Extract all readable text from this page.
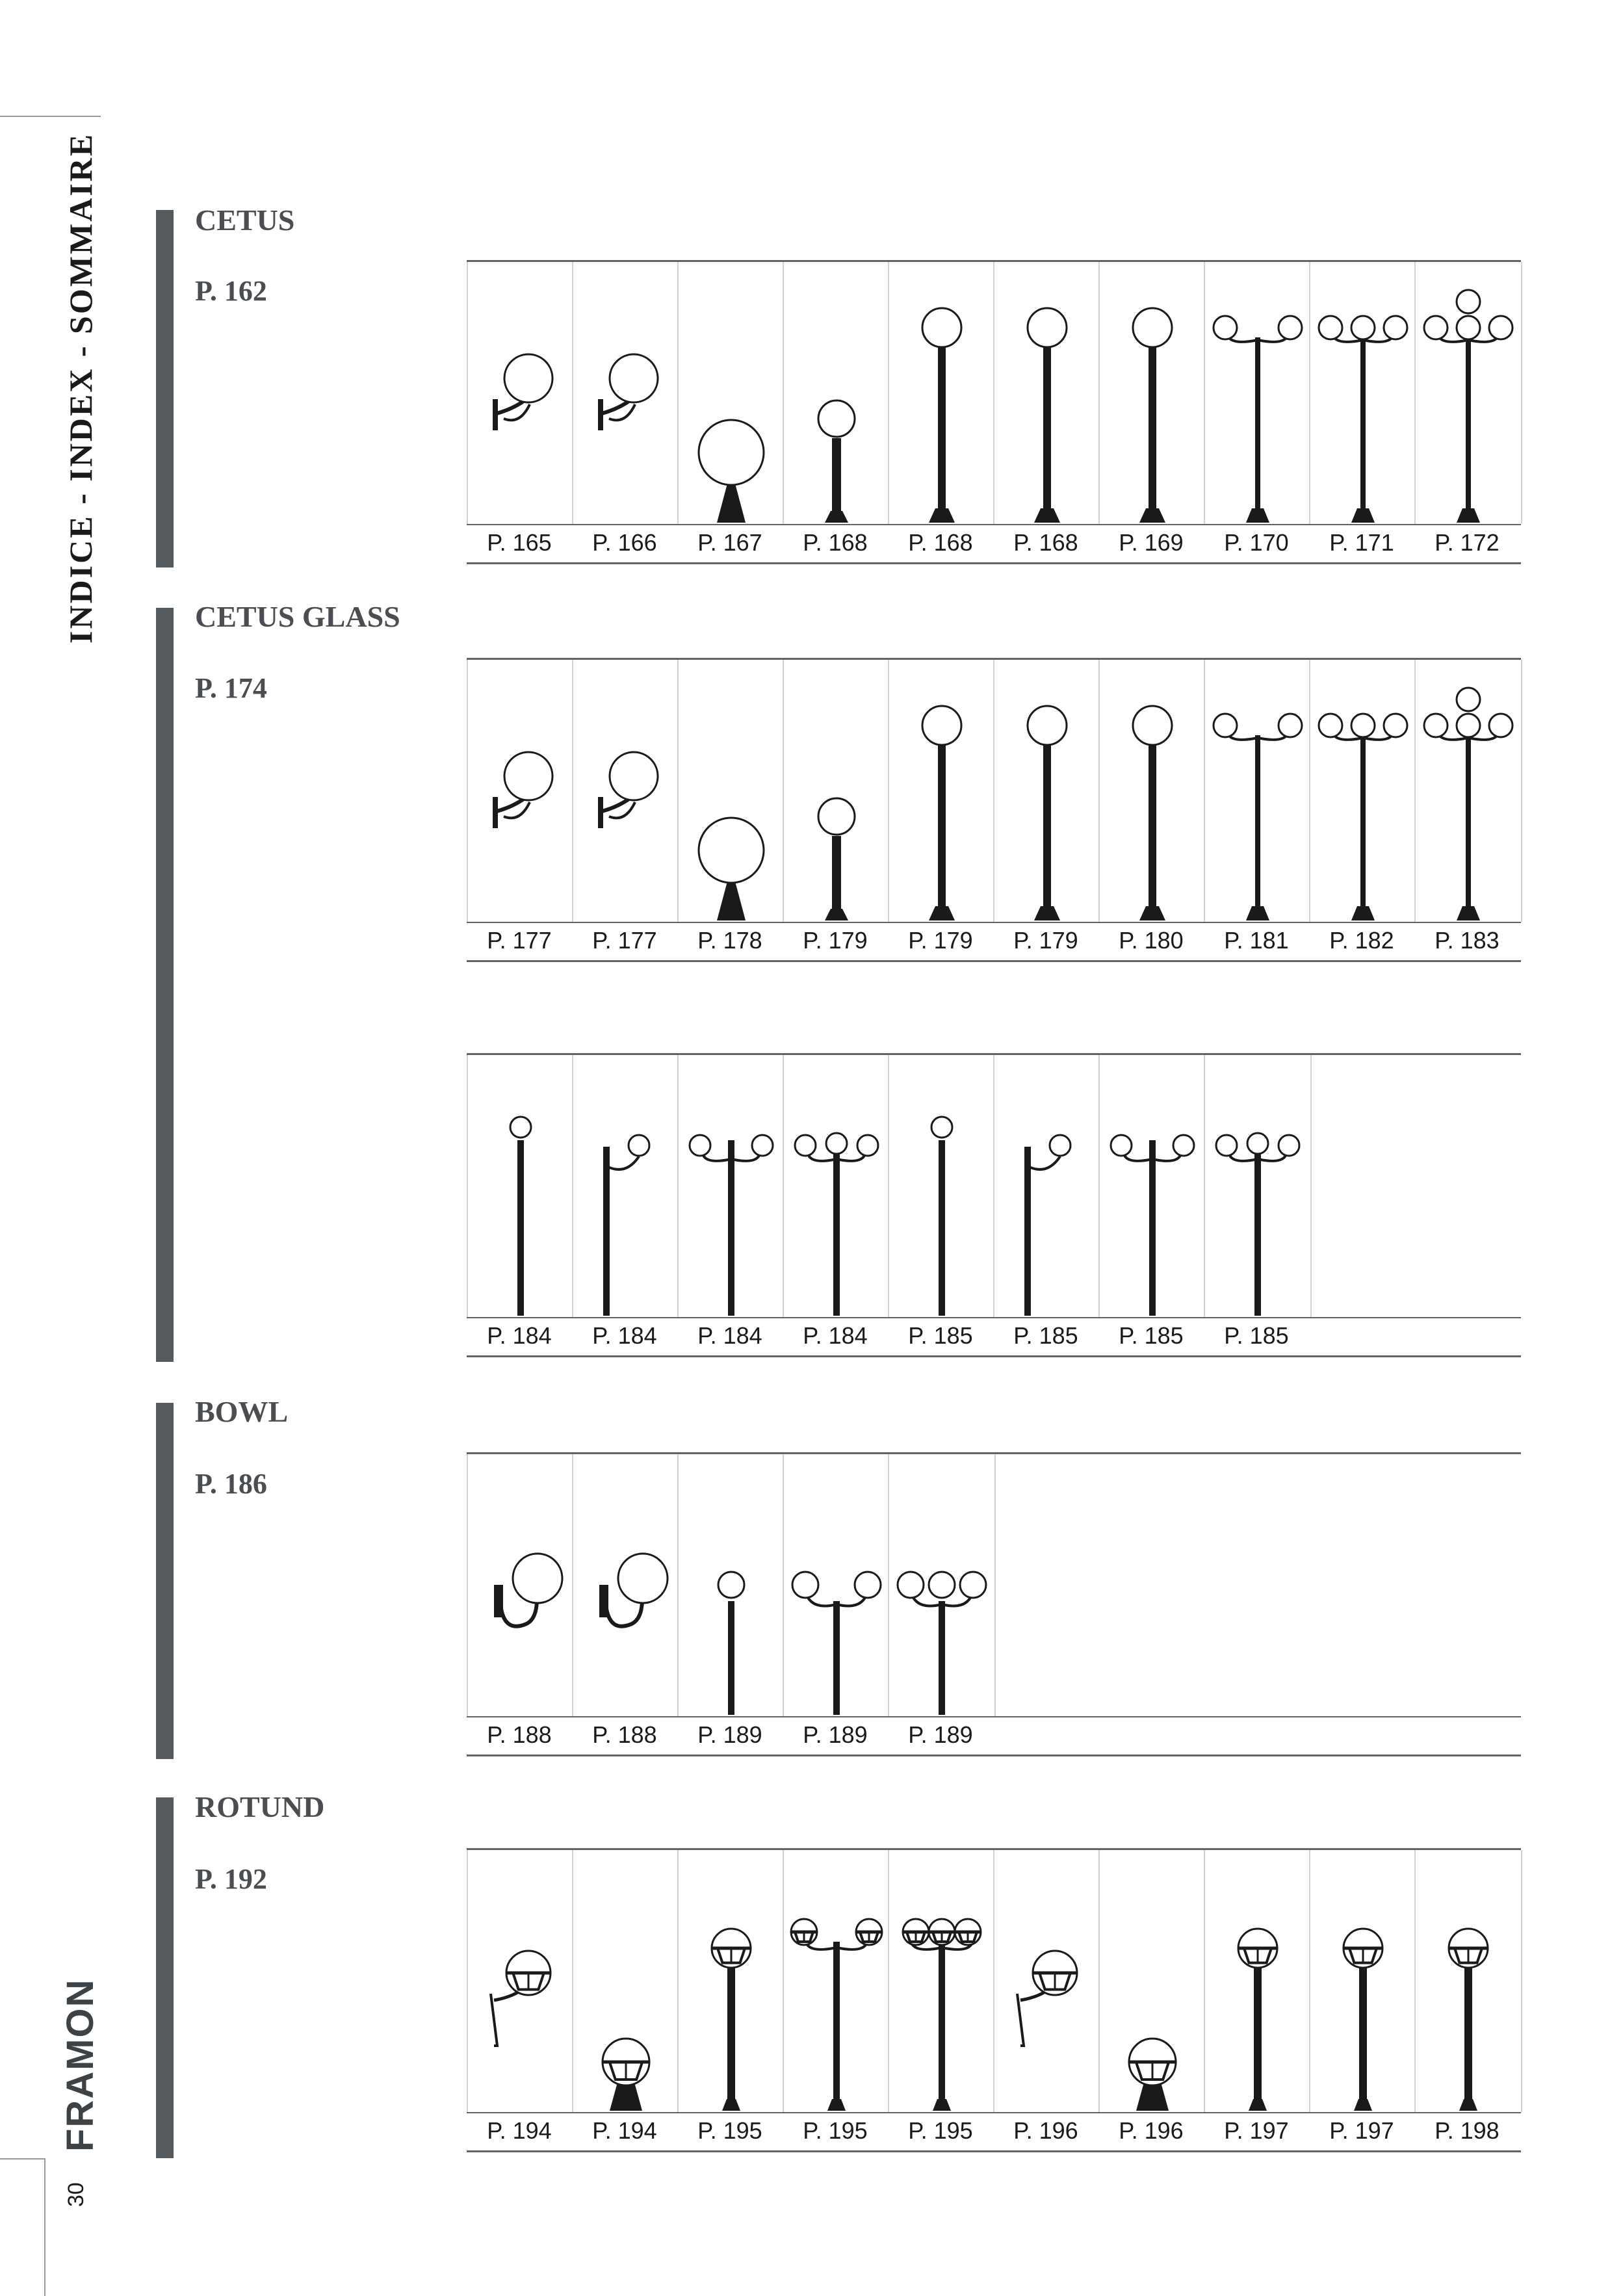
INDICE - INDEX - SOMMAIRE
FRAMON
30
CETUS
P. 162
P. 165	P. 166	P. 167	P. 168	P. 168	P. 168	P. 169	P. 170	P. 171	P. 172
CETUS GLASS
P. 174
P. 177	P. 177	P. 178	P. 179	P. 179	P. 179	P. 180	P. 181	P. 182	P. 183
P. 184	P. 184	P. 184	P. 184	P. 185	P. 185	P. 185	P. 185
BOWL
P. 186
P. 188	P. 188	P. 189	P. 189	P. 189
ROTUND
P. 192
P. 194	P. 194	P. 195	P. 195	P. 195	P. 196	P. 196	P. 197	P. 197	P. 198
